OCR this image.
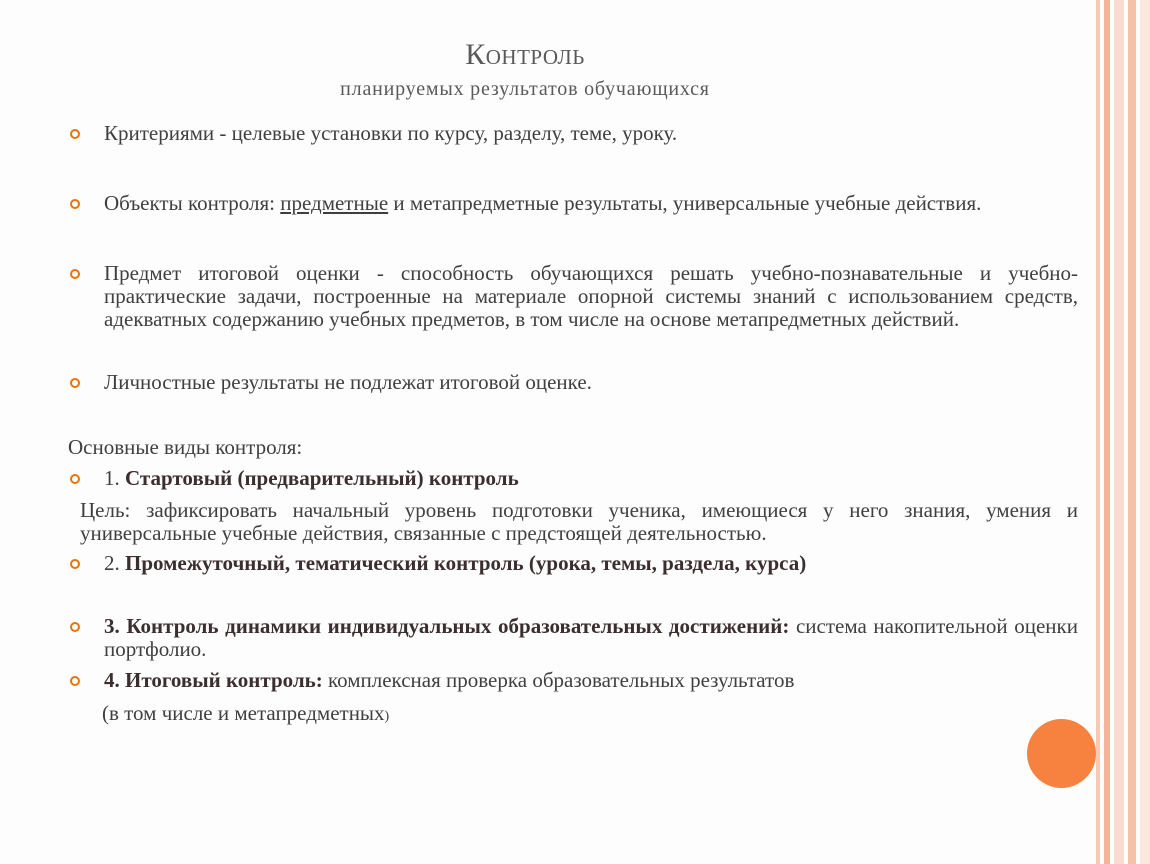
Контроль
планируемых результатов обучающихся
Критериями - целевые установки по курсу, разделу, теме, уроку.
Объекты контроля: предметные и метапредметные результаты, универсальные учебные действия.
Предмет итоговой оценки - способность обучающихся решать учебно-познавательные и учебно-практические задачи, построенные на материале опорной системы знаний с использованием средств, адекватных содержанию учебных предметов, в том числе на основе метапредметных действий.
Личностные результаты не подлежат итоговой оценке.
Основные виды контроля:
1. Стартовый (предварительный) контроль
Цель: зафиксировать начальный уровень подготовки ученика, имеющиеся у него знания, умения и универсальные учебные действия, связанные с предстоящей деятельностью.
2. Промежуточный, тематический контроль (урока, темы, раздела, курса)
3. Контроль динамики индивидуальных образовательных достижений: система накопительной оценки портфолио.
4. Итоговый контроль: комплексная проверка образовательных результатов
(в том числе и метапредметных)
